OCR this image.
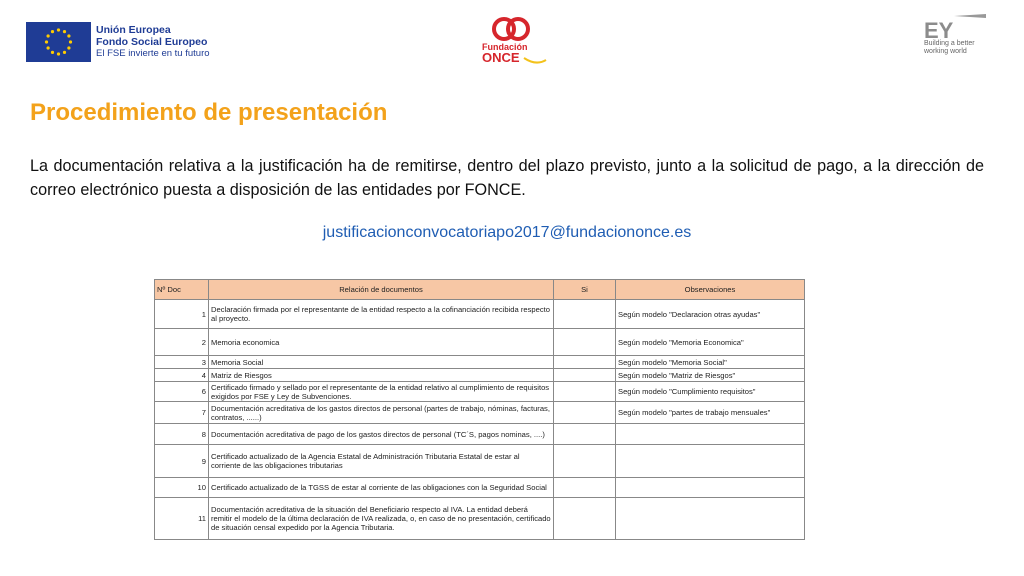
Unión Europea
Fondo Social Europeo
El FSE invierte en tu futuro
Fundación
ONCE
EY
Building a better
working world
Procedimiento de presentación

La documentación relativa a la justificación ha de remitirse, dentro del plazo previsto, junto a la solicitud de pago, a la dirección de correo electrónico puesta a disposición de las entidades por FONCE.

justificacionconvocatoriapo2017@fundaciononce.es
Nº Doc	Relación de documentos	Si	Observaciones
1	Declaración firmada por el representante de la entidad respecto a la cofinanciación recibida respecto al proyecto.		Según modelo "Declaracion otras ayudas"
2	Memoria economica		Según modelo "Memoria Economica"
3	Memoria Social		Según modelo "Memoria Social"
4	Matriz de Riesgos		Según modelo "Matriz de Riesgos"
6	Certificado firmado y sellado por el representante de la entidad relativo al cumplimiento de requisitos exigidos por FSE y Ley de Subvenciones.		Según modelo "Cumplimiento requisitos"
7	Documentación acreditativa de los gastos directos de personal (partes de trabajo, nóminas, facturas, contratos, ......)		Según modelo "partes de trabajo mensuales"
8	Documentación acreditativa de pago de los gastos directos de personal (TC´S, pagos nominas, ....)		
9	Certificado actualizado de la Agencia Estatal de Administración Tributaria Estatal de estar al corriente de las obligaciones tributarias		
10	Certificado actualizado de la TGSS de estar al corriente de las obligaciones con la Seguridad Social		
11	Documentación acreditativa de la situación del Beneficiario respecto al IVA. La entidad deberá remitir el modelo de la última declaración de IVA realizada, o, en caso de no presentación, certificado de situación censal expedido por la Agencia Tributaria.		
